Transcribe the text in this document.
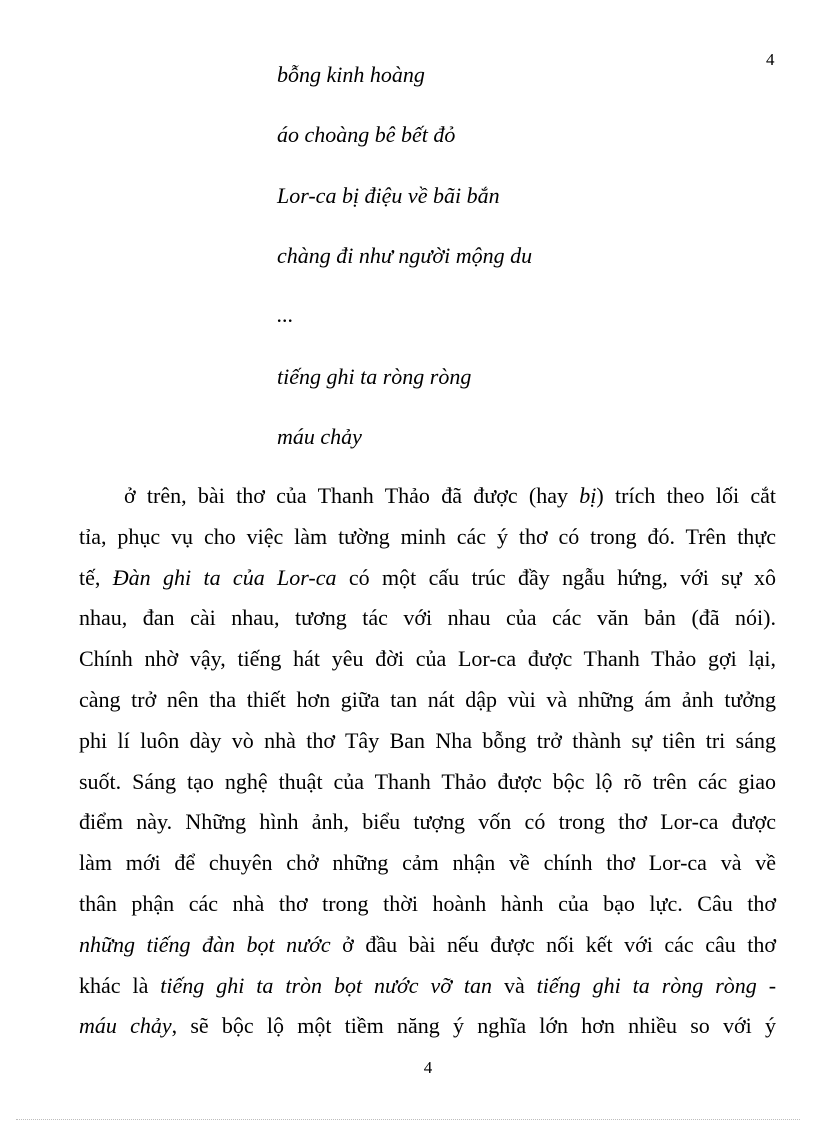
4
bỗng kinh hoàng
áo choàng bê bết đỏ
Lor-ca bị điệu về bãi bắn
chàng đi như người mộng du
...
tiếng ghi ta ròng ròng
máu chảy
ở trên, bài thơ của Thanh Thảo đã được (hay bị) trích theo lối cắt
tỉa, phục vụ cho việc làm tường minh các ý thơ có trong đó. Trên thực
tế, Đàn ghi ta của Lor-ca có một cấu trúc đầy ngẫu hứng, với sự xô
nhau, đan cài nhau, tương tác với nhau của các văn bản (đã nói).
Chính nhờ vậy, tiếng hát yêu đời của Lor-ca được Thanh Thảo gợi lại,
càng trở nên tha thiết hơn giữa tan nát dập vùi và những ám ảnh tưởng
phi lí luôn dày vò nhà thơ Tây Ban Nha bỗng trở thành sự tiên tri sáng
suốt. Sáng tạo nghệ thuật của Thanh Thảo được bộc lộ rõ trên các giao
điểm này. Những hình ảnh, biểu tượng vốn có trong thơ Lor-ca được
làm mới để chuyên chở những cảm nhận về chính thơ Lor-ca và về
thân phận các nhà thơ trong thời hoành hành của bạo lực. Câu thơ
những tiếng đàn bọt nước ở đầu bài nếu được nối kết với các câu thơ
khác là tiếng ghi ta tròn bọt nước vỡ tan và tiếng ghi ta ròng ròng -
máu chảy, sẽ bộc lộ một tiềm năng ý nghĩa lớn hơn nhiều so với ý
4
